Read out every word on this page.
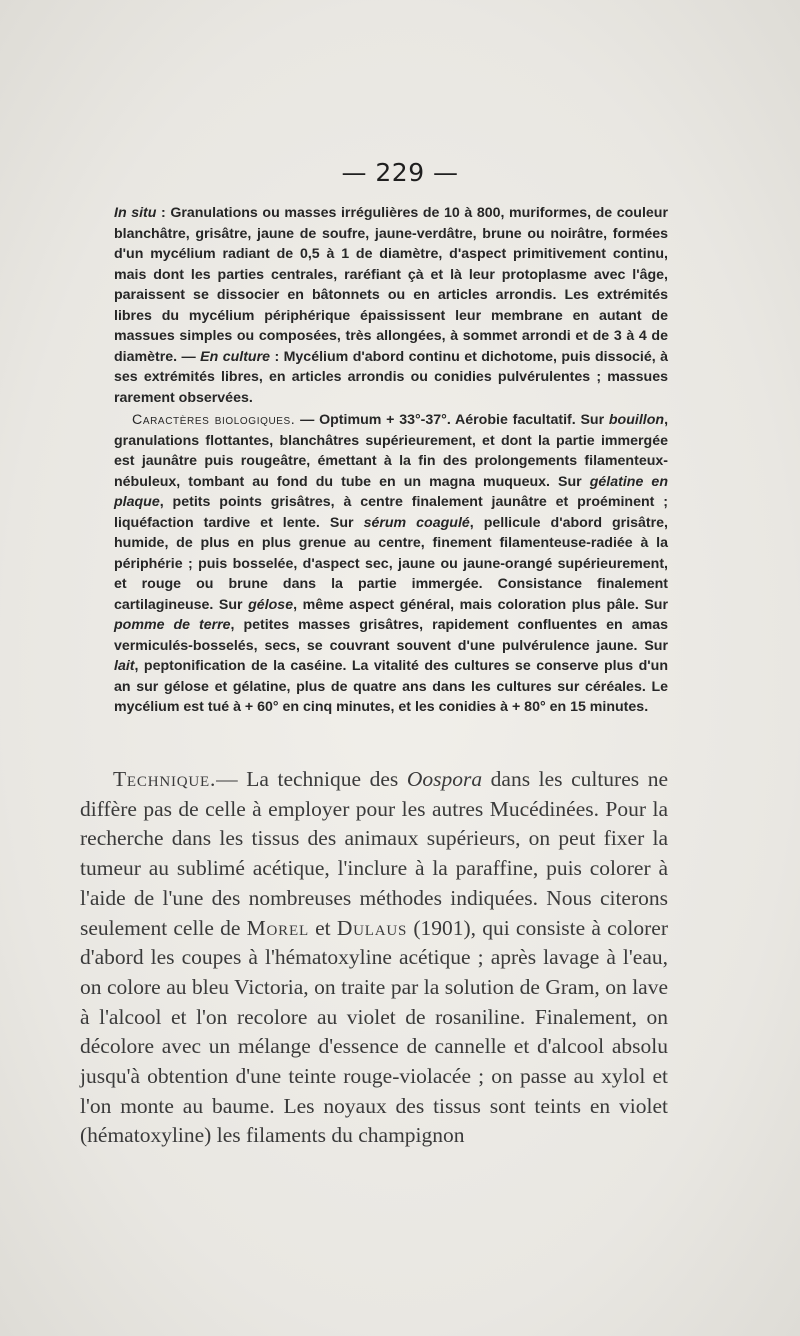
— 229 —

In situ : Granulations ou masses irrégulières de 10 à 800, muriformes, de couleur blanchâtre, grisâtre, jaune de soufre, jaune-verdâtre, brune ou noirâtre, formées d'un mycélium radiant de 0,5 à 1 de diamètre, d'aspect primitivement continu, mais dont les parties centrales, raréfiant çà et là leur protoplasme avec l'âge, paraissent se dissocier en bâtonnets ou en articles arrondis. Les extrémités libres du mycélium périphérique épaississent leur membrane en autant de massues simples ou composées, très allongées, à sommet arrondi et de 3 à 4 de diamètre. — En culture : Mycélium d'abord continu et dichotome, puis dissocié, à ses extrémités libres, en articles arrondis ou conidies pulvérulentes ; massues rarement observées.

Caractères biologiques. — Optimum + 33°-37°. Aérobie facultatif. Sur bouillon, granulations flottantes, blanchâtres supérieurement, et dont la partie immergée est jaunâtre puis rougeâtre, émettant à la fin des prolongements filamenteux-nébuleux, tombant au fond du tube en un magna muqueux. Sur gélatine en plaque, petits points grisâtres, à centre finalement jaunâtre et proéminent ; liquéfaction tardive et lente. Sur sérum coagulé, pellicule d'abord grisâtre, humide, de plus en plus grenue au centre, finement filamenteuse-radiée à la périphérie ; puis bosselée, d'aspect sec, jaune ou jaune-orangé supérieurement, et rouge ou brune dans la partie immergée. Consistance finalement cartilagineuse. Sur gélose, même aspect général, mais coloration plus pâle. Sur pomme de terre, petites masses grisâtres, rapidement confluentes en amas vermiculés-bosselés, secs, se couvrant souvent d'une pulvérulence jaune. Sur lait, peptonification de la caséine. La vitalité des cultures se conserve plus d'un an sur gélose et gélatine, plus de quatre ans dans les cultures sur céréales. Le mycélium est tué à + 60° en cinq minutes, et les conidies à + 80° en 15 minutes.

Technique.— La technique des Oospora dans les cultures ne diffère pas de celle à employer pour les autres Mucédinées. Pour la recherche dans les tissus des animaux supérieurs, on peut fixer la tumeur au sublimé acétique, l'inclure à la paraffine, puis colorer à l'aide de l'une des nombreuses méthodes indiquées. Nous citerons seulement celle de Morel et Dulaus (1901), qui consiste à colorer d'abord les coupes à l'hématoxyline acétique ; après lavage à l'eau, on colore au bleu Victoria, on traite par la solution de Gram, on lave à l'alcool et l'on recolore au violet de rosaniline. Finalement, on décolore avec un mélange d'essence de cannelle et d'alcool absolu jusqu'à obtention d'une teinte rouge-violacée ; on passe au xylol et l'on monte au baume. Les noyaux des tissus sont teints en violet (hématoxyline) les filaments du champignon
